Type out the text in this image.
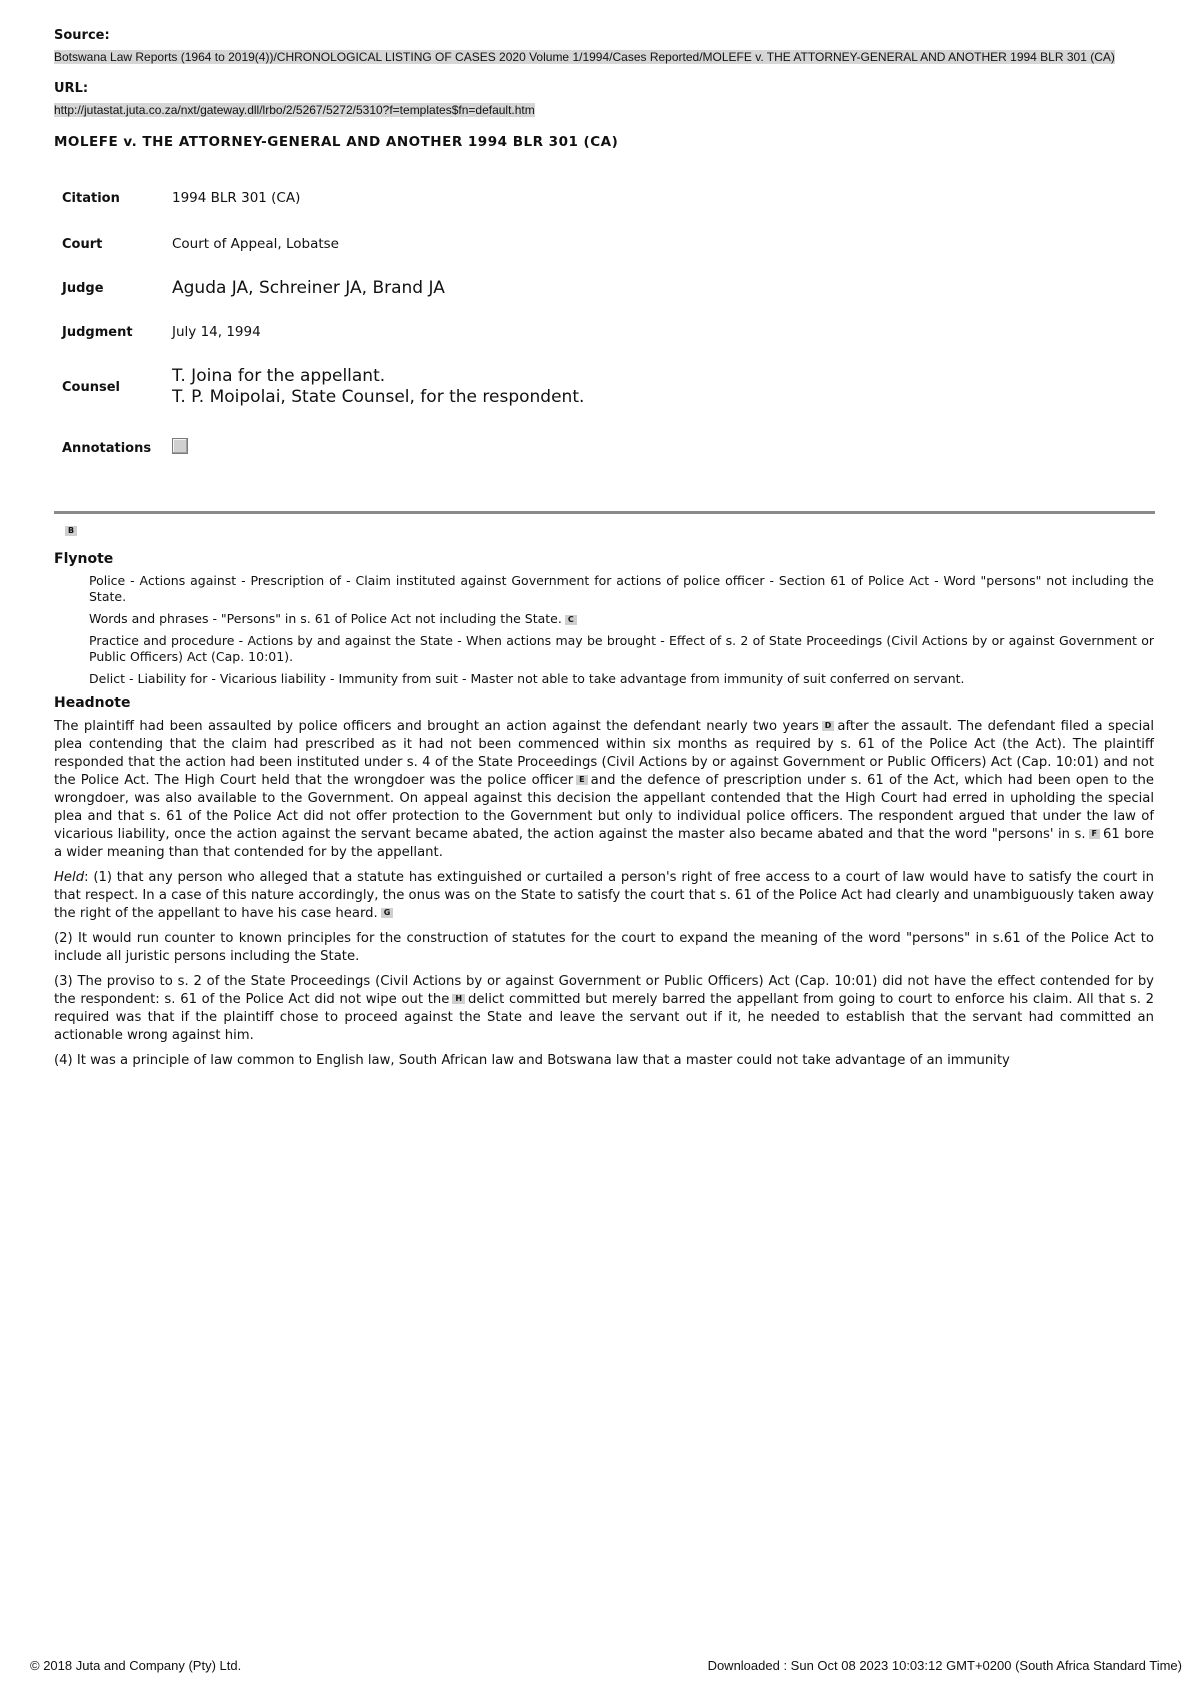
Source:
Botswana Law Reports (1964 to 2019(4))/CHRONOLOGICAL LISTING OF CASES 2020 Volume 1/1994/Cases Reported/MOLEFE v. THE ATTORNEY-GENERAL AND ANOTHER 1994 BLR 301 (CA)
URL:
http://jutastat.juta.co.za/nxt/gateway.dll/lrbo/2/5267/5272/5310?f=templates$fn=default.htm
MOLEFE v. THE ATTORNEY-GENERAL AND ANOTHER 1994 BLR 301 (CA)
Citation	1994 BLR 301 (CA)
Court	Court of Appeal, Lobatse
Judge	Aguda JA, Schreiner JA, Brand JA
Judgment	July 14, 1994
Counsel	T. Joina for the appellant.
T. P. Moipolai, State Counsel, for the respondent.

Annotations	
B
Flynote
Police - Actions against - Prescription of - Claim instituted against Government for actions of police officer - Section 61 of Police Act - Word "persons" not including the State.
Words and phrases - "Persons" in s. 61 of Police Act not including the State. C
Practice and procedure - Actions by and against the State - When actions may be brought - Effect of s. 2 of State Proceedings (Civil Actions by or against Government or Public Officers) Act (Cap. 10:01).
Delict - Liability for - Vicarious liability - Immunity from suit - Master not able to take advantage from immunity of suit conferred on servant.
Headnote
The plaintiff had been assaulted by police officers and brought an action against the defendant nearly two years D after the assault. The defendant filed a special plea contending that the claim had prescribed as it had not been commenced within six months as required by s. 61 of the Police Act (the Act). The plaintiff responded that the action had been instituted under s. 4 of the State Proceedings (Civil Actions by or against Government or Public Officers) Act (Cap. 10:01) and not the Police Act. The High Court held that the wrongdoer was the police officer E and the defence of prescription under s. 61 of the Act, which had been open to the wrongdoer, was also available to the Government. On appeal against this decision the appellant contended that the High Court had erred in upholding the special plea and that s. 61 of the Police Act did not offer protection to the Government but only to individual police officers. The respondent argued that under the law of vicarious liability, once the action against the servant became abated, the action against the master also became abated and that the word "persons' in s. F 61 bore a wider meaning than that contended for by the appellant.
Held: (1) that any person who alleged that a statute has extinguished or curtailed a person's right of free access to a court of law would have to satisfy the court in that respect. In a case of this nature accordingly, the onus was on the State to satisfy the court that s. 61 of the Police Act had clearly and unambiguously taken away the right of the appellant to have his case heard. G
(2) It would run counter to known principles for the construction of statutes for the court to expand the meaning of the word "persons" in s.61 of the Police Act to include all juristic persons including the State.
(3) The proviso to s. 2 of the State Proceedings (Civil Actions by or against Government or Public Officers) Act (Cap. 10:01) did not have the effect contended for by the respondent: s. 61 of the Police Act did not wipe out the H delict committed but merely barred the appellant from going to court to enforce his claim. All that s. 2 required was that if the plaintiff chose to proceed against the State and leave the servant out if it, he needed to establish that the servant had committed an actionable wrong against him.
(4) It was a principle of law common to English law, South African law and Botswana law that a master could not take advantage of an immunity
© 2018 Juta and Company (Pty) Ltd.	Downloaded : Sun Oct 08 2023 10:03:12 GMT+0200 (South Africa Standard Time)
